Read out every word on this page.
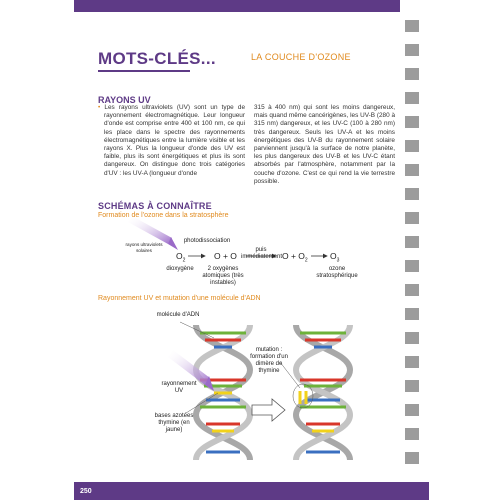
MOTS-CLÉS...	LA COUCHE D'OZONE
RAYONS UV
• Les rayons ultraviolets (UV) sont un type de rayonnement électromagnétique. Leur longueur d'onde est comprise entre 400 et 100 nm, ce qui les place dans le spectre des rayonnements électromagnétiques entre la lumière visible et les rayons X. Plus la longueur d'onde des UV est faible, plus ils sont énergétiques et plus ils sont dangereux. On distingue donc trois catégories d'UV : les UV-A (longueur d'onde
315 à 400 nm) qui sont les moins dangereux, mais quand même cancérigènes, les UV-B (280 à 315 nm) dangereux, et les UV-C (100 à 280 nm) très dangereux. Seuls les UV-A et les moins énergétiques des UV-B du rayonnement solaire parviennent jusqu'à la surface de notre planète, les plus dangereux des UV-B et les UV-C étant absorbés par l'atmosphère, notamment par la couche d'ozone. C'est ce qui rend la vie terrestre possible.
SCHÉMAS À CONNAÎTRE
Formation de l'ozone dans la stratosphère
Rayonnement UV et mutation d'une molécule d'ADN
rayons ultraviolets solaires
photodissociation
$O_2$	O + O
puis immédiatement $O + O_2$	$O_3$
dioxygène	2 oxygènes atomiques (très instables)
ozone stratosphérique
molécule d'ADN
rayonnement UV
bases azotées thymine (en jaune)
mutation : formation d'un dimère de thymine
250
